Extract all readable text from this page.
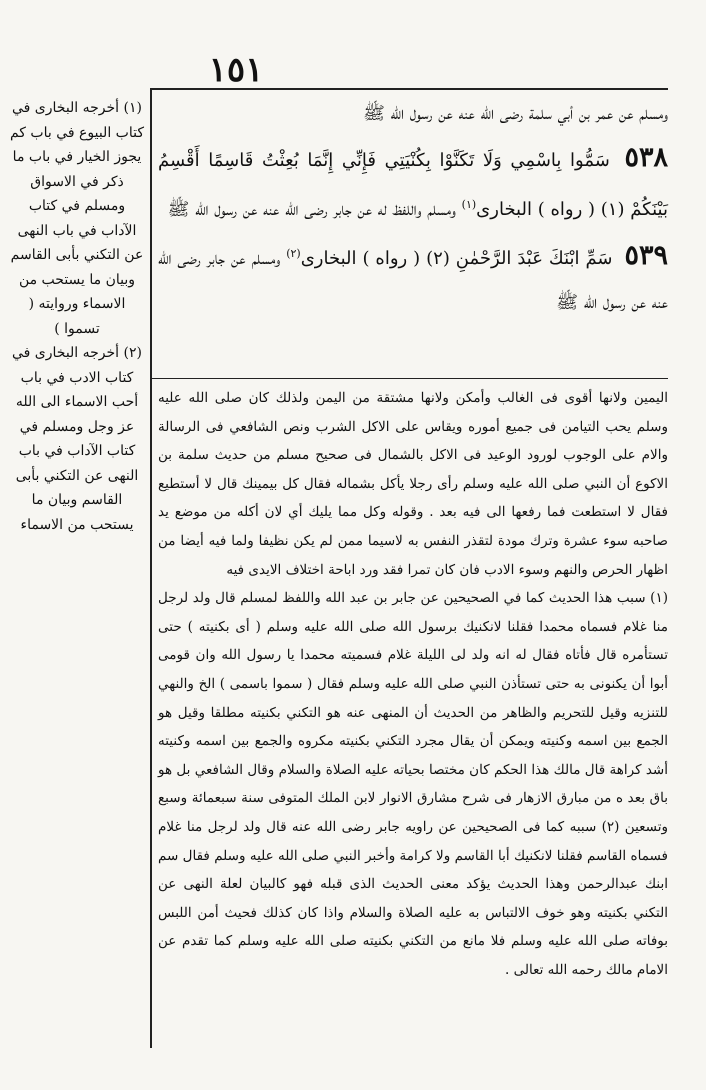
١٥١

ومسلم عن عمر بن أبي سلمة رضى الله عنه عن رسول الله ﷺ

٥٣٨ سَمُّوا بِاسْمِي وَلَا تَكَنَّوْا بِكُنْيَتِي فَإِنِّي إِنَّمَا بُعِثْتُ قَاسِمًا أَقْسِمُ بَيْنَكُمْ (١) ( رواه ) البخارى$^{(١)}$ ومسلم واللفظ له عن جابر رضى الله عنه عن رسول الله ﷺ

٥٣٩ سَمِّ ابْنَكَ عَبْدَ الرَّحْمٰنِ (٢) ( رواه ) البخارى$^{(٢)}$ ومسلم عن جابر رضى الله عنه عن رسول الله ﷺ

اليمين ولانها أقوى فى الغالب وأمكن ولانها مشتقة من اليمن ولذلك كان صلى الله عليه وسلم يحب التيامن فى جميع أموره ويقاس على الاكل الشرب ونص الشافعي فى الرسالة والام على الوجوب لورود الوعيد فى الاكل بالشمال فى صحيح مسلم من حديث سلمة بن الاكوع أن النبي صلى الله عليه وسلم رأى رجلا يأكل بشماله فقال كل بيمينك قال لا أستطيع فقال لا استطعت فما رفعها الى فيه بعد . وقوله وكل مما يليك أي لان أكله من موضع يد صاحبه سوء عشرة وترك مودة لتقذر النفس به لاسيما ممن لم يكن نظيفا ولما فيه أيضا من اظهار الحرص والنهم وسوء الادب فان كان تمرا فقد ورد اباحة اختلاف الايدى فيه

(١) سبب هذا الحديث كما في الصحيحين عن جابر بن عبد الله واللفظ لمسلم قال ولد لرجل منا غلام فسماه محمدا فقلنا لانكنيك برسول الله صلى الله عليه وسلم ( أى بكنيته ) حتى تستأمره قال فأتاه فقال له انه ولد لى الليلة غلام فسميته محمدا يا رسول الله وان قومى أبوا أن يكنونى به حتى تستأذن النبي صلى الله عليه وسلم فقال ( سموا باسمى ) الخ والنهي للتنزيه وقيل للتحريم والظاهر من الحديث أن المنهى عنه هو التكني بكنيته مطلقا وقيل هو الجمع بين اسمه وكنيته ويمكن أن يقال مجرد التكني بكنيته مكروه والجمع بين اسمه وكنيته أشد كراهة قال مالك هذا الحكم كان مختصا بحياته عليه الصلاة والسلام وقال الشافعي بل هو باق بعد ه من مبارق الازهار فى شرح مشارق الانوار لابن الملك المتوفى سنة سبعمائة وسبع وتسعين (٢) سببه كما فى الصحيحين عن راويه جابر رضى الله عنه قال ولد لرجل منا غلام فسماه القاسم فقلنا لانكنيك أبا القاسم ولا كرامة وأخبر النبي صلى الله عليه وسلم فقال سم ابنك عبدالرحمن وهذا الحديث يؤكد معنى الحديث الذى قبله فهو كالبيان لعلة النهى عن التكني بكنيته وهو خوف الالتباس به عليه الصلاة والسلام واذا كان كذلك فحيث أمن اللبس بوفاته صلى الله عليه وسلم فلا مانع من التكني بكنيته صلى الله عليه وسلم كما تقدم عن الامام مالك رحمه الله تعالى .

(١) أخرجه البخارى في كتاب البيوع في باب كم يجوز الخيار في باب ما ذكر في الاسواق ومسلم في كتاب الآداب في باب النهى عن التكني بأبى القاسم وبيان ما يستحب من الاسماء وروايته ( تسموا )

(٢) أخرجه البخارى في كتاب الادب في باب أحب الاسماء الى الله عز وجل ومسلم في كتاب الآداب في باب النهى عن التكني بأبى القاسم وبيان ما يستحب من الاسماء
